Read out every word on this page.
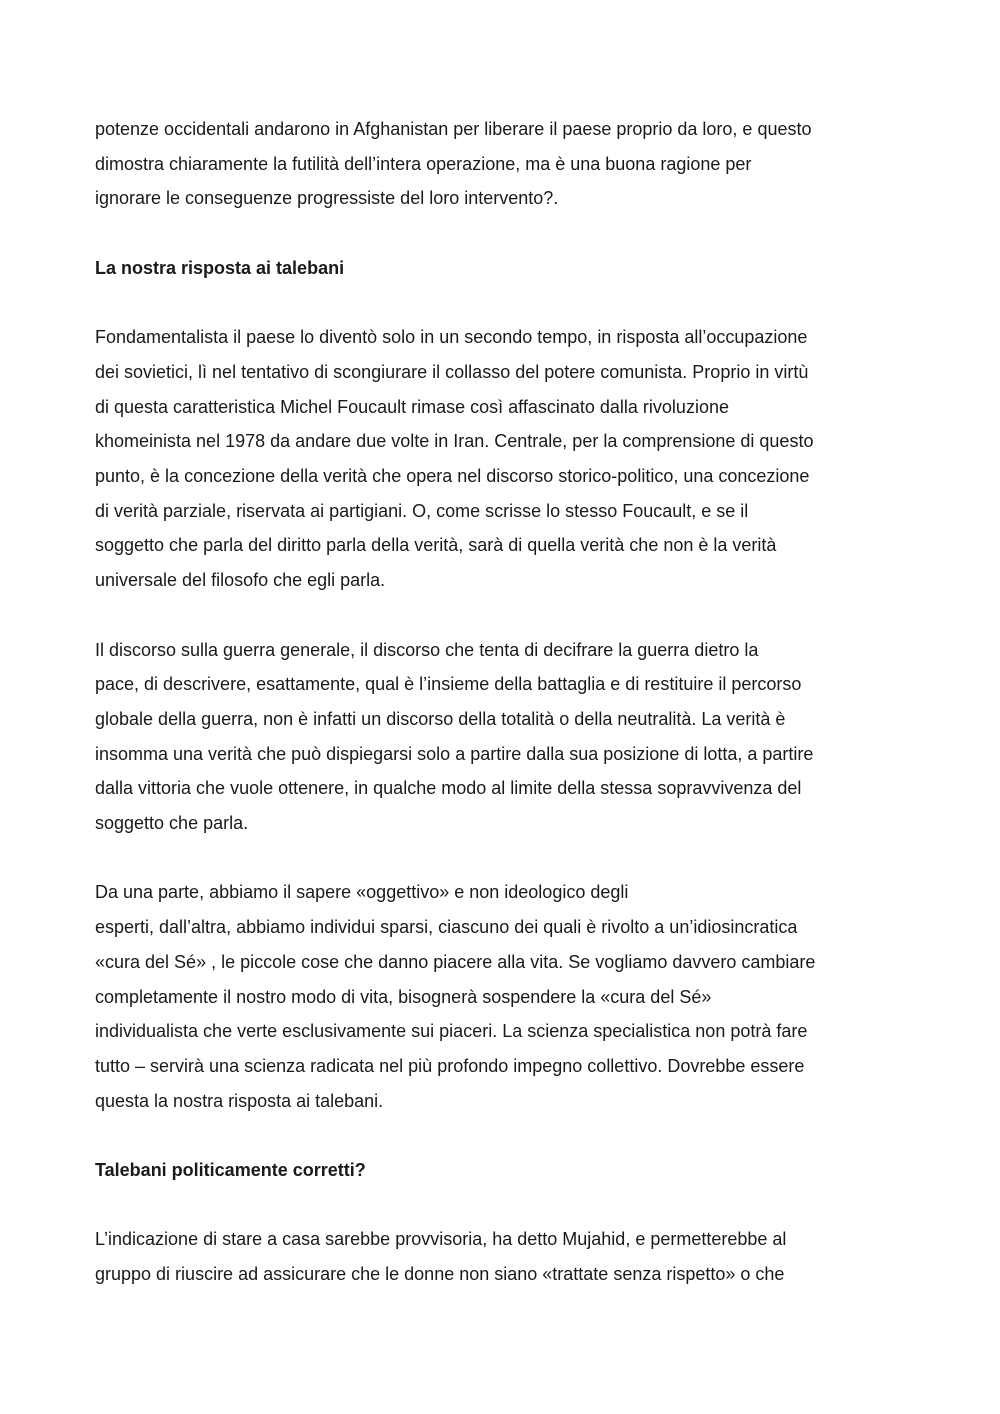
potenze occidentali andarono in Afghanistan per liberare il paese proprio da loro, e questo
dimostra chiaramente la futilità dell’intera operazione, ma è una buona ragione per
ignorare le conseguenze progressiste del loro intervento?.
La nostra risposta ai talebani
Fondamentalista il paese lo diventò solo in un secondo tempo, in risposta all’occupazione
dei sovietici, lì nel tentativo di scongiurare il collasso del potere comunista. Proprio in virtù
di questa caratteristica Michel Foucault rimase così affascinato dalla rivoluzione
khomeinista nel 1978 da andare due volte in Iran. Centrale, per la comprensione di questo
punto, è la concezione della verità che opera nel discorso storico-politico, una concezione
di verità parziale, riservata ai partigiani. O, come scrisse lo stesso Foucault, e se il
soggetto che parla del diritto parla della verità, sarà di quella verità che non è la verità
universale del filosofo che egli parla.
Il discorso sulla guerra generale, il discorso che tenta di decifrare la guerra dietro la
pace, di descrivere, esattamente, qual è l’insieme della battaglia e di restituire il percorso
globale della guerra, non è infatti un discorso della totalità o della neutralità. La verità è
insomma una verità che può dispiegarsi solo a partire dalla sua posizione di lotta, a partire
dalla vittoria che vuole ottenere, in qualche modo al limite della stessa sopravvivenza del
soggetto che parla.
Da una parte, abbiamo il sapere «oggettivo» e non ideologico degli
esperti, dall’altra, abbiamo individui sparsi, ciascuno dei quali è rivolto a un’idiosincratica
«cura del Sé» , le piccole cose che danno piacere alla vita. Se vogliamo davvero cambiare
completamente il nostro modo di vita, bisognerà sospendere la «cura del Sé»
individualista che verte esclusivamente sui piaceri. La scienza specialistica non potrà fare
tutto – servirà una scienza radicata nel più profondo impegno collettivo. Dovrebbe essere
questa la nostra risposta ai talebani.
Talebani politicamente corretti?
L’indicazione di stare a casa sarebbe provvisoria, ha detto Mujahid, e permetterebbe al
gruppo di riuscire ad assicurare che le donne non siano «trattate senza rispetto» o che
